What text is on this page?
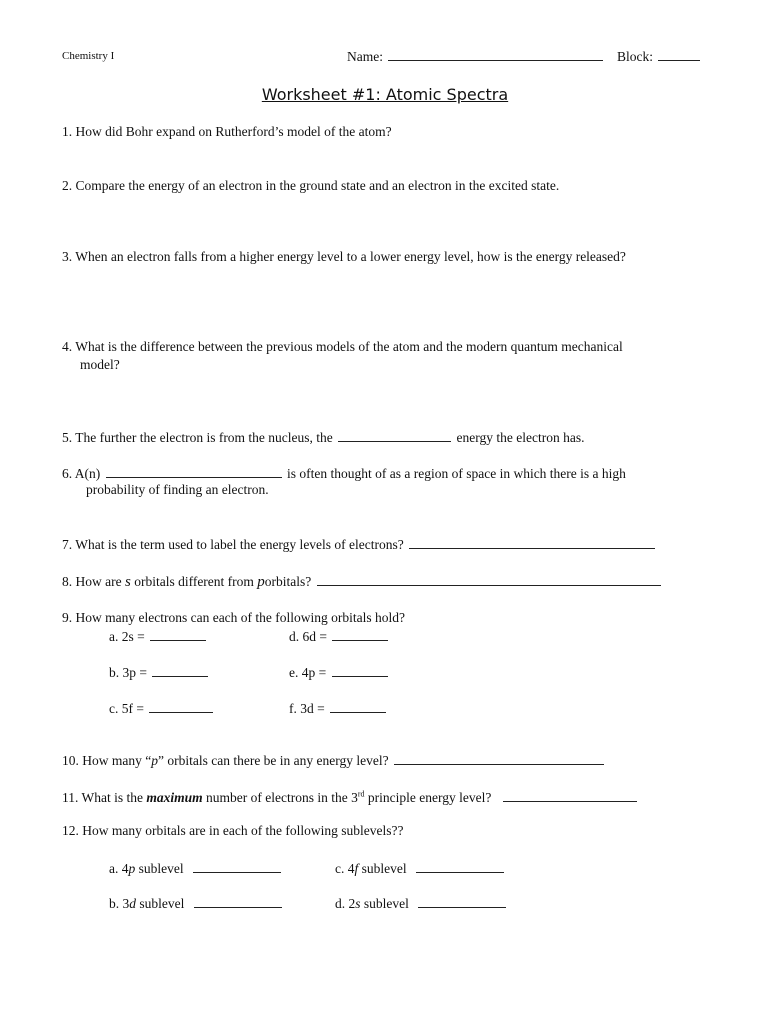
Chemistry I	Name:	Block:
Worksheet #1: Atomic Spectra
1. How did Bohr expand on Rutherford’s model of the atom?
2. Compare the energy of an electron in the ground state and an electron in the excited state.
3. When an electron falls from a higher energy level to a lower energy level, how is the energy released?
4. What is the difference between the previous models of the atom and the modern quantum mechanical
model?
5. The further the electron is from the nucleus, the	energy the electron has.
6. A(n)	is often thought of as a region of space in which there is a high
probability of finding an electron.
7. What is the term used to label the energy levels of electrons?
8. How are s orbitals different from porbitals?
9. How many electrons can each of the following orbitals hold?
a. 2s =	d. 6d =
b. 3p =	e. 4p =
c. 5f =	f. 3d =
10. How many “p” orbitals can there be in any energy level?
11. What is the maximum number of electrons in the 3rd principle energy level?
12. How many orbitals are in each of the following sublevels??
a. 4p sublevel	c. 4f sublevel
b. 3d sublevel	d. 2s sublevel
